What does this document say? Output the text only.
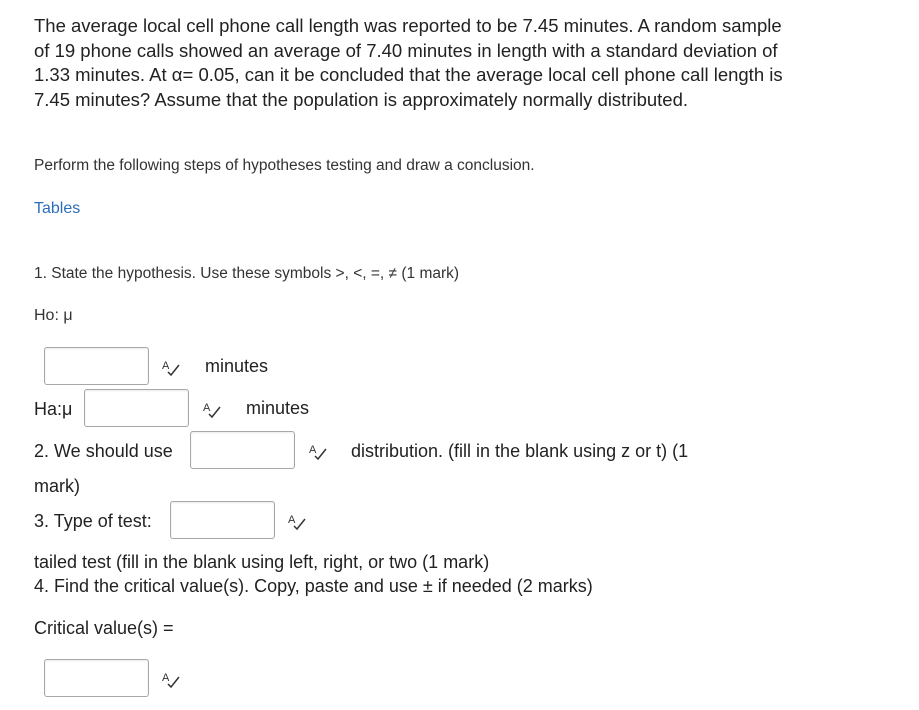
The average local cell phone call length was reported to be 7.45 minutes. A random sample of 19 phone calls showed an average of 7.40 minutes in length with a standard deviation of 1.33 minutes. At α= 0.05, can it be concluded that the average local cell phone call length is 7.45 minutes? Assume that the population is approximately normally distributed.
Perform the following steps of hypotheses testing and draw a conclusion.
Tables
1. State the hypothesis. Use these symbols >, <, =, ≠ (1 mark)
Ho: μ
A minutes
Ha:μ	A minutes
2. We should use	A distribution. (fill in the blank using z or t) (1
mark)
3. Type of test:	A
tailed test (fill in the blank using left, right, or two (1 mark)
4. Find the critical value(s). Copy, paste and use ± if needed (2 marks)
Critical value(s) =
A
